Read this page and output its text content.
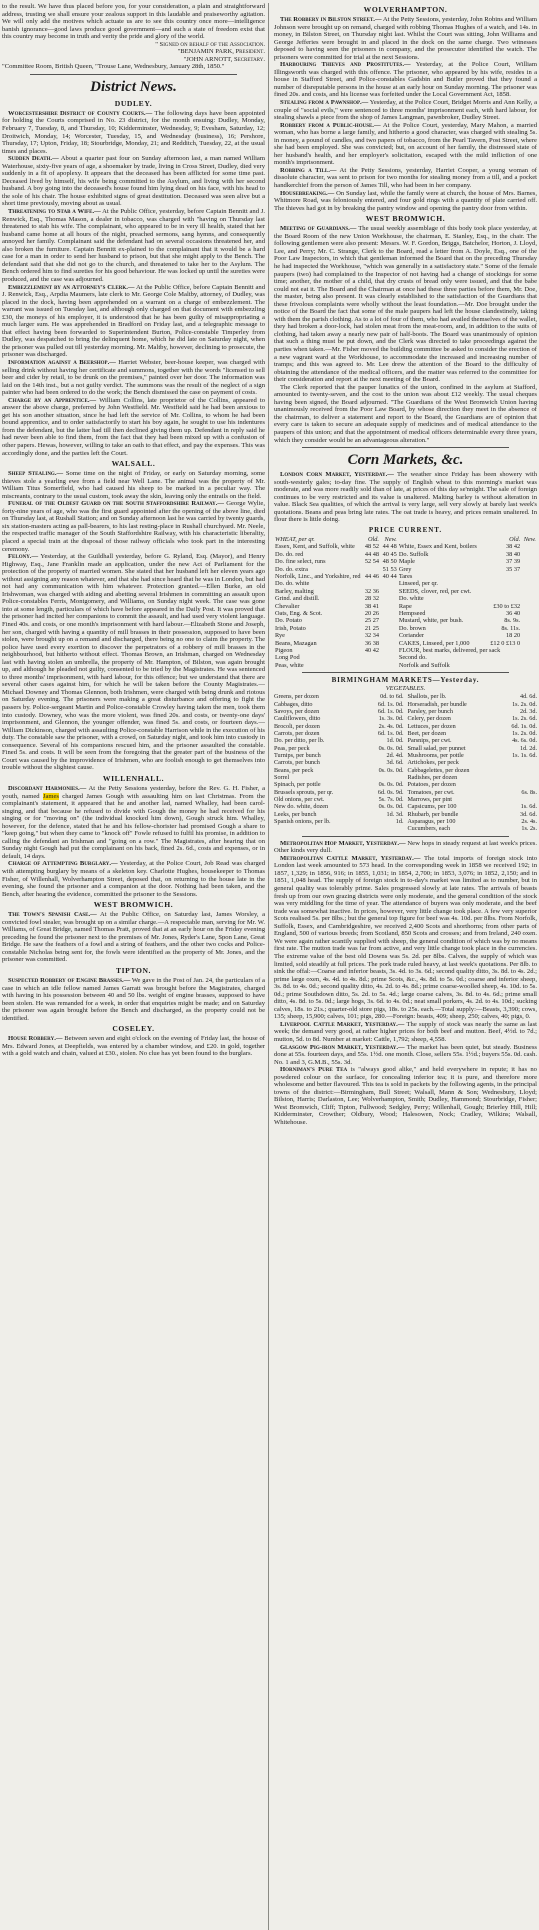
to the result. We have thus placed before you, for your consideration, a plain and straightforward address, trusting we shall ensure your zealous support in this laudable and praiseworthy agitation. We will only add the motives which actuate us are to see this country once more—intelligence banish ignorance—good laws produce good government—and such a state of freedom exist that this country may become in truth and verity the pride and glory of the world.

" Signed on behalf of the Association.

"BENJAMIN PARK, President.

"JOHN ARNOTT, Secretary.

"Committee Room, British Queen, "Trouse Lane, Wednesbury, January 28th, 1850."

District News.
DUDLEY.

Worcestershire District of County Courts.— The following days have been appointed for holding the Courts comprised in No. 23 district, for the month ensuing: Dudley, Monday, February 7, Tuesday, 8, and Thursday, 10; Kidderminster, Wednesday, 9; Evesham, Saturday, 12; Droitwich, Monday, 14; Worcester, Tuesday, 15, and Wednesday (business), 16; Pershore, Thursday, 17; Upton, Friday, 18; Stourbridge, Monday, 21; and Redditch, Tuesday, 22, at the usual times and places.

Sudden Death.— About a quarter past four on Sunday afternoon last, a man named William Waterhouse, sixty-five years of age, a shoemaker by trade, living in Cross Street, Dudley, died very suddenly in a fit of apoplexy. It appears that the deceased has been afflicted for some time past. Deceased lived by himself, his wife being committed to the Asylum, and living with her second husband. A boy going into the deceased's house found him lying dead on his face, with his head to the sole of his chair. The house exhibited signs of great destitution. Deceased was seen alive but a short time previously, moving about as usual.

Threatening to Stab a Wife.— At the Public Office, yesterday, before Captain Bennitt and J. Renwick, Esq., Thomas Mason, a dealer in tobacco, was charged with "having on Thursday last threatened to stab his wife. The complainant, who appeared to be in very ill health, stated that her husband came home at all hours of the night, preached sermons, sang hymns, and consequently annoyed her family. Complainant said the defendant had on several occasions threatened her, and also broken the furniture. Captain Bennitt ex-plained to the complainant that it would be a hard case for a man in order to send her husband to prison, but that she might apply to the Bench. The defendant said that she did not go to the church, and threatened to take her to the Asylum. The Bench ordered him to find sureties for his good behaviour. He was locked up until the sureties were produced, and the case was adjourned.

Embezzlement by an Attorney's Clerk.— At the Public Office, before Captain Bennitt and J. Renwick, Esq., Arpdia Maumers, late clerk to Mr. George Cole Maltby, attorney, of Dudley, was placed in the dock, having been apprehended on a warrant on a charge of embezzlement. The warrant was issued on Tuesday last, and although only charged on that document with embezzling £30, the moneys of his employer, it is understood that he has been guilty of misappropriating a much larger sum. He was apprehended in Bradford on Friday last, and a telegraphic message to that effect having been forwarded to Superintendent Burton, Police-constable Timperley from Dudley, was despatched to bring the delinquent home, which he did late on Saturday night, when the prisoner was pulled out till yesterday morning. Mr. Maltby, however, declining to prosecute, the prisoner was discharged.

Information against a Beershop.— Harriet Webster, beer-house keeper, was charged with selling drink without having her certificate and summons, together with the words "licensed to sell beer and cider by retail, to be drunk on the premises," painted over her door. The information was laid on the 14th inst., but a not guilty verdict. The summons was the result of the neglect of a sign painter who had been ordered to do the work; the Bench dismissed the case on payment of costs.

Charge by an Apprentice.— William Collins, late proprietor of the Collins, appeared to answer the above charge, preferred by John Westfield. Mr. Westfield said he had been anxious to get his son another situation, since he had left the service of Mr. Collins, to whom he had been bound apprentice, and to order satisfactorily to start his boy again, he sought to use his indentures from the defendant, but the latter had till then declined giving them up. Defendant in reply said he had never been able to find them, from the fact that they had been mixed up with a confusion of other papers. Hewas, however, willing to take an oath to that effect, and pay the expenses. This was accordingly done, and the parties left the Court.

WALSALL.

Sheep Stealing.— Some time on the night of Friday, or early on Saturday morning, some thieves stole a yearling ewe from a field near Well Lane. The animal was the property of Mr. William Titus Somerfield, who had caused his sheep to be marked in a peculiar way. The miscreants, contrary to the usual custom, took away the skin, leaving only the entrails on the field.

Funeral of the Oldest Guard on the South Staffordshire Railway.— George Wylie, forty-nine years of age, who was the first guard appointed after the opening of the above line, died on Thursday last, at Rushall Station; and on Sunday afternoon last he was carried by twenty guards, six station-masters acting as pall-bearers, to his last resting-place in Rushall churchyard. Mr. Neele, the respected traffic manager of the South Staffordshire Railway, with his characteristic liberality, placed a special train at the disposal of those railway officials who took part in the interesting ceremony.

Felony.— Yesterday, at the Guildhall yesterday, before G. Ryland, Esq. (Mayor), and Henry Highway, Esq., Jane Franklin made an application, under the new Act of Parliament for the protection of the property of married women. She stated that her husband left her eleven years ago without assigning any reason whatever, and that she had since heard that he was in London, but had not had any communication with him whatever. Protection granted.—Ellen Burke, an old Irishwoman, was charged with aiding and abetting several Irishmen in committing an assault upon Police-constables Ferris, Montgomery, and Williams, on Sunday night week. The case was gone into at some length, particulars of which have before appeared in the Daily Post. It was proved that the prisoner had incited her companions to commit the assault, and had used very violent language. Fined 40s. and costs, or one month's imprisonment with hard labour.—Elizabeth Stone and Joseph, her son, charged with having a quantity of mill brasses in their possession, supposed to have been stolen, were brought up on a remand and discharged, there being no one to claim the property. The police have used every exertion to discover the perpetrators of a robbery of mill brasses in the neighbourhood, but hitherto without effect. Thomas Brown, an Irishman, charged on Wednesday last with having stolen an umbrella, the property of Mr. Hampton, of Bilston, was again brought up, and although he pleaded not guilty, consented to be tried by the Magistrates. He was sentenced to three months' imprisonment, with hard labour, for this offence; but we understand that there are several other cases against him, for which he will be taken before the County Magistrates.—Michael Downey and Thomas Glennon, both Irishmen, were charged with being drunk and riotous on Saturday evening. The prisoners were making a great disturbance and offering to fight the passers by. Police-sergeant Martin and Police-constable Crowley having taken the men, took them into custody. Downey, who was the more violent, was fined 20s. and costs, or twenty-one days' imprisonment, and Glennon, the younger offender, was fined 5s. and costs, or fourteen days.—William Dickinson, charged with assaulting Police-constable Harrison while in the execution of his duty. The constable saw the prisoner, with a crowd, on Saturday night, and took him into custody in consequence. Several of his companions rescued him, and the prisoner assaulted the constable. Fined 5s. and costs. It will be seen from the foregoing that the greater part of the business of the Court was caused by the improvidence of Irishmen, who are foolish enough to get themselves into trouble without the slightest cause.

WILLENHALL.

Discordant Harmonies.— At the Petty Sessions yesterday, before the Rev. G. H. Fisher, a youth, named James charged James Gough with assaulting him on last Christmas. From the complainant's statement, it appeared that he and another lad, named Whalley, had been carol-singing, and that because he refused to divide with Gough the money he had received for his singing or for "moving on" (the individual knocked him down), Gough struck him. Whalley, however, for the defence, stated that he and his fellow-chorister had promised Gough a share to "keep going," but when they came to "knock off" Fowle refused to fulfil his promise, in addition to calling the defendant an Irishman and "going on a row." The Magistrates, after hearing that on Sunday night Gough had put the complainant on his back, fined 2s. 6d., costs and expenses, or in default, 14 days.

Charge of Attempting Burglary.— Yesterday, at the Police Court, Job Read was charged with attempting burglary by means of a skeleton key. Charlotte Hughes, housekeeper to Thomas Fisher, of Willenhall, Wolverhampton Street, deposed that, on returning to the house late in the evening, she found the prisoner and a companion at the door. Nothing had been taken, and the Bench, after hearing the evidence, committed the prisoner to the Sessions.

WEST BROMWICH.

The Town's Spanish Case.— At the Public Office, on Saturday last, James Worsley, a convicted fowl stealer, was brought up on a similar charge.—A respectable man, serving for Mr. W. Williams, of Great Bridge, named Thomas Pratt, proved that at an early hour on the Friday evening preceding he found the prisoner next to the premises of Mr. Jones, Ryder's Lane, Spon Lane, Great Bridge. He saw the feathers of a fowl and a string of feathers, and the other two cocks and Police-constable Nicholas being sent for, the fowls were identified as the property of Mr. Jones, and the prisoner was committed.

TIPTON.

Suspected Robbery of Engine Brasses.— We gave in the Post of Jan. 24, the particulars of a case in which an idle fellow named James Garratt was brought before the Magistrates, charged with having in his possession between 40 and 50 lbs. weight of engine brasses, supposed to have been stolen. He was remanded for a week, in order that enquiries might be made; and on Saturday the prisoner was again brought before the Bench and discharged, as the property could not be identified.

COSELEY.

House Robbery.— Between seven and eight o'clock on the evening of Friday last, the house of Mrs. Edward Jones, at Deepfields, was entered by a chamber window, and £20. in gold, together with a gold watch and chain, valued at £30., stolen. No clue has yet been found to the burglars.

WOLVERHAMPTON.

The Robbery in Bilston Street.— At the Petty Sessions, yesterday, John Robins and William Johnson were brought up on remand, charged with robbing Thomas Hughes of a watch, and 14s. in money, in Bilston Street, on Thursday night last. Whilst the Court was sitting, John Williams and George Jefferies were brought in and placed in the dock on the same charge. Two witnesses deposed to having seen the prisoners in company, and the prosecutor identified the watch. The prisoners were committed for trial at the next Sessions.

Harbouring Thieves and Prostitutes.— Yesterday, at the Police Court, William Illingsworth was charged with this offence. The prisoner, who appeared by his wife, resides in a house in Stafford Street, and Police-constables Gadsbin and Butler proved that they found a number of disreputable persons in the house at an early hour on Sunday morning. The prisoner was fined 20s. and costs, and his license was forfeited under the Local Government Act, 1858.

Stealing from a Pawnshop.— Yesterday, at the Police Court, Bridget Morris and Ann Kelly, a couple of "social evils," were sentenced to three months' imprisonment each, with hard labour, for stealing shawls a piece from the shop of James Langman, pawnbroker, Dudley Street.

Robbery from a Public-house.— At the Police Court, yesterday, Mary Mahon, a married woman, who has borne a large family, and hitherto a good character, was charged with stealing 5s. in money, a pound of candles, and two papers of tobacco, from the Pearl Tavern, Post Street, where she had been employed. She was convicted; but, on account of her family, the distressed state of her husband's health, and her employer's solicitation, escaped with the mild infliction of one month's imprisonment.

Robbing a Till.— At the Petty Sessions, yesterday, Harriet Cooper, a young woman of dissolute character, was sent to prison for two months for stealing money from a till, and a pocket handkerchief from the person of James Till, who had been in her company.

Housebreaking.— On Sunday last, while the family were at church, the house of Mrs. Barnes, Whitmore Road, was feloniously entered, and four gold rings with a quantity of plate carried off. The thieves had got in by breaking the pantry window and opening the pantry door from within.

WEST BROMWICH.

Meeting of Guardians.— The usual weekly assemblage of this body took place yesterday, at the Board Room of the new Union Workhouse, the chairman, E. Stanley, Esq., in the chair. The following gentlemen were also present: Messrs. W. F. Gordon, Briggs, Batchelor, Horton, J. Lloyd, Lee, and Perry; Mr. C. Strange, Clerk to the Board, read a letter from A. Doyle, Esq., one of the Poor Law Inspectors, in which that gentleman informed the Board that on the preceding Thursday he had inspected the Workhouse, "which was generally in a satisfactory state." Some of the female paupers (two) had complained to the Inspector of not having had a change of stockings for some time; another, the mother of a child, that dry crusts of bread only were issued, and that the babe could not eat it. The Board and the Chairman at once had these three parties before them, Mr. Doe, the master, being also present. It was clearly established to the satisfaction of the Guardians that these frivolous complaints were wholly without the least foundation.—Mr. Doe brought under the notice of the Board the fact that some of the male paupers had left the house clandestinely, taking with them the parish clothing. As to a lot of four of them, who had availed themselves of the wallet, they had broken a door-lock, had stolen meat from the meat-room, and, in addition to the suits of clothing, had taken away a nearly new pair of half-boots. The Board was unanimously of opinion that such a thing must be put down, and the Clerk was directed to take proceedings against the parties when taken.—Mr. Fisher moved the building committee be asked to consider the erection of a new vagrant ward at the Workhouse, to accommodate the increased and increasing number of tramps; and this was agreed to. Mr. Lee drew the attention of the Board to the difficulty of obtaining the attendance of the medical officers, and the matter was referred to the committee for their consideration and report at the next meeting of the Board.

The Clerk reported that the pauper lunatics of the union, confined in the asylum at Stafford, amounted to twenty-seven, and the cost to the union was about £12 weekly. The usual cheques having been signed, the Board adjourned. "The Guardians of the West Bromwich Union having unanimously received from the Poor Law Board, by whose direction they meet in the absence of the chairman, to deliver a statement and report to the Board, the Guardians are of opinion that every care is taken to secure an adequate supply of medicines and of medical attendance to the paupers of this union; and that the appointment of medical officers determinable every three years, which they consider would be an advantageous alteration."

Corn Markets, &c.

London Corn Market, Yesterday.— The weather since Friday has been showery with south-westerly gales; to-day fine. The supply of English wheat to this morning's market was moderate, and was more readily sold than of late, at prices of this day se'nnight. The sale of foreign continues to be very restricted and its value is unaltered. Malting barley is without alteration in value. Black Sea qualities, of which the arrival is very large, sell very slowly at barely last week's quotations. Beans and peas bring late rates. The oat trade is heavy, and prices remain unaltered. In flour there is little doing.

PRICE CURRENT.
WHEAT, per qr.	Old.	New.		Old.	New.
Essex, Kent, and Suffolk, white	48 52	44 48	White, Essex and Kent, boilers	38 42	
Do. do. red	44 48	40 45	Do. Suffolk	38 40	
Do. fine select, runs	52 54	48 50	Maple	37 39	
Do. do. extra		51 53	Grey	35 37	
Norfolk, Linc., and Yorkshire, red	44 46	40 44	Tares		
Do. do. white			Linseed, per qr.		
Barley, malting	32 36		SEEDS, clover, red, per cwt.		
Grind. and distill.	28 32		Do. white		
Chevalier	38 41		Rape	£30 to £32	
Oats, Eng. & Scot.	20 26		Hempseed	36 40	
Do. Potato	25 27		Mustard, white, per bush.	8s. 9s.	
Irish, Potato	21 25		Do. brown	8s. 11s.	
Rye	32 34		Coriander	18 20	
Beans, Mazagan	36 38		CAKES, Linseed, per 1,000	£12 0 £13 0	
Pigeon	40 42		FLOUR, best marks, delivered, per sack		
Long Pod			Second do.		
Peas, white			Norfolk and Suffolk		
BIRMINGHAM MARKETS—Yesterday.
VEGETABLES.
Greens, per dozen	0d. to 6d.
Cabbages, ditto	6d. 1s. 0d.
Savoys, per dozen	6d. 1s. 0d.
Cauliflowers, ditto	1s. 3s. 0d.
Brocoli, per dozen	2s. 4s. 0d.
Carrots, per dozen	6d. 1s. 0d.
Do. per ditto, per lb.	1d. 0d.
Peas, per peck	0s. 0s. 0d.
Turnips, per bunch	2d. 4d.
Carrots, per bunch	3d. 6d.
Beans, per peck	0s. 0s. 0d.
Sorrel
Spinach, per pottle	0s. 0s. 0d.
Brussels sprouts, per qr.	6d. 0s. 9d.
Old onions, per cwt.	5s. 7s. 0d.
New do. white, dozen	0s. 0s. 0d.
Leeks, per bunch	1d. 3d.
Spanish onions, per lb.	1d.
Shallots, per lb.	4d. 6d.
Horseradish, per bundle	1s. 2s. 0d.
Parsley, per bunch	2d. 3d.
Celery, per dozen	1s. 2s. 6d.
Lettuces, per dozen	6d. 1s. 0d.
Beet, per dozen	1s. 2s. 0d.
Parsnips, per cwt.	4s. 6s. 0d.
Small salad, per punnet	1d. 2d.
Mushrooms, per pottle	1s. 1s. 6d.
Artichokes, per peck
Cabbagelettes, per dozen
Radishes, per dozen
Potatoes, per dozen
Tomatoes, per cwt.	6s. 8s.
Marrows, per pint
Capsicums, per 100	1s. 6d.
Rhubarb, per bundle	3d. 6d.
Asparagus, per 100	2s. 4s.
Cucumbers, each	1s. 2s.

Metropolitan Hop Market, Yesterday.— New hops in steady request at last week's prices. Other kinds very dull.

Metropolitan Cattle Market, Yesterday.— The total imports of foreign stock into London last week amounted to 573 head. In the corresponding week in 1858 we received 192; in 1857, 1,329; in 1856, 916; in 1855, 1,031; in 1854, 2,700; in 1853, 3,076; in 1852, 2,150; and in 1851, 1,048 head. The supply of foreign stock in to-day's market was limited as to number, but in general quality was tolerably prime. Sales progressed slowly at late rates. The arrivals of beasts fresh up from our own grazing districts were only moderate, and the general condition of the stock was very middling for the time of year. The attendance of buyers was only moderate, and the beef trade was somewhat inactive. In prices, however, very little change took place. A few very superior Scots realised 5s. per 8lbs.; but the general top figure for beef was 4s. 10d. per 8lbs. From Norfolk, Suffolk, Essex, and Cambridgeshire, we received 2,400 Scots and shorthorns; from other parts of England, 500 of various breeds; from Scotland, 850 Scots and crosses; and from Ireland, 240 oxen. We were again rather scantily supplied with sheep, the general condition of which was by no means first rate. The mutton trade was far from active, and very little change took place in the currencies. The extreme value of the best old Downs was 5s. 2d. per 8lbs. Calves, the supply of which was limited, sold steadily at full prices. The pork trade ruled heavy, at last week's quotations. Per 8lb. to sink the offal:—Coarse and inferior beasts, 3s. 4d. to 3s. 6d.; second quality ditto, 3s. 8d. to 4s. 2d.; prime large oxen, 4s. 4d. to 4s. 8d.; prime Scots, &c., 4s. 8d. to 5s. 0d.; coarse and inferior sheep, 3s. 8d. to 4s. 0d.; second quality ditto, 4s. 2d. to 4s. 8d.; prime coarse-woolled sheep, 4s. 10d. to 5s. 0d.; prime Southdown ditto, 5s. 2d. to 5s. 4d.; large coarse calves, 3s. 8d. to 4s. 6d.; prime small ditto, 4s. 8d. to 5s. 0d.; large hogs, 3s. 6d. to 4s. 0d.; neat small porkers, 4s. 2d. to 4s. 10d.; sucking calves, 18s. to 21s.; quarter-old store pigs, 18s. to 25s. each.—Total supply:—Beasts, 3,390; cows, 135; sheep, 15,900; calves, 101; pigs, 280.—Foreign: beasts, 409; sheep, 250; calves, 40; pigs, 0.

Liverpool Cattle Market, Yesterday.— The supply of stock was nearly the same as last week; the demand very good, at rather higher prices for both beef and mutton. Beef, 4½d. to 7d.; mutton, 5d. to 8d. Number at market: Cattle, 1,792; sheep, 4,558.

Glasgow Pig-iron Market, Yesterday.— The market has been quiet, but steady. Business done at 55s. fourteen days, and 55s. 1½d. one month. Close, sellers 55s. 1½d.; buyers 55s. 0d. cash. No. 1 and 3, G.M.B., 55s. 3d.

Horniman's Pure Tea is "always good alike," and held everywhere in repute; it has no powdered colour on the surface, for concealing inferior tea; it is pure, and therefore more wholesome and better flavoured. This tea is sold in packets by the following agents, in the principal towns of the district:—Birmingham, Bull Street; Walsall, Mann & Son; Wednesbury, Lloyd; Bilston, Harris; Darlaston, Lee; Wolverhampton, Smith; Dudley, Hammond; Stourbridge, Fisher; West Bromwich, Cliff; Tipton, Fullwood; Sedgley, Perry; Willenhall, Gough; Brierley Hill, Hill; Kidderminster, Crowther; Oldbury, Wood; Halesowen, Nock; Cradley, Wilkins; Walsall, Whitehouse.
